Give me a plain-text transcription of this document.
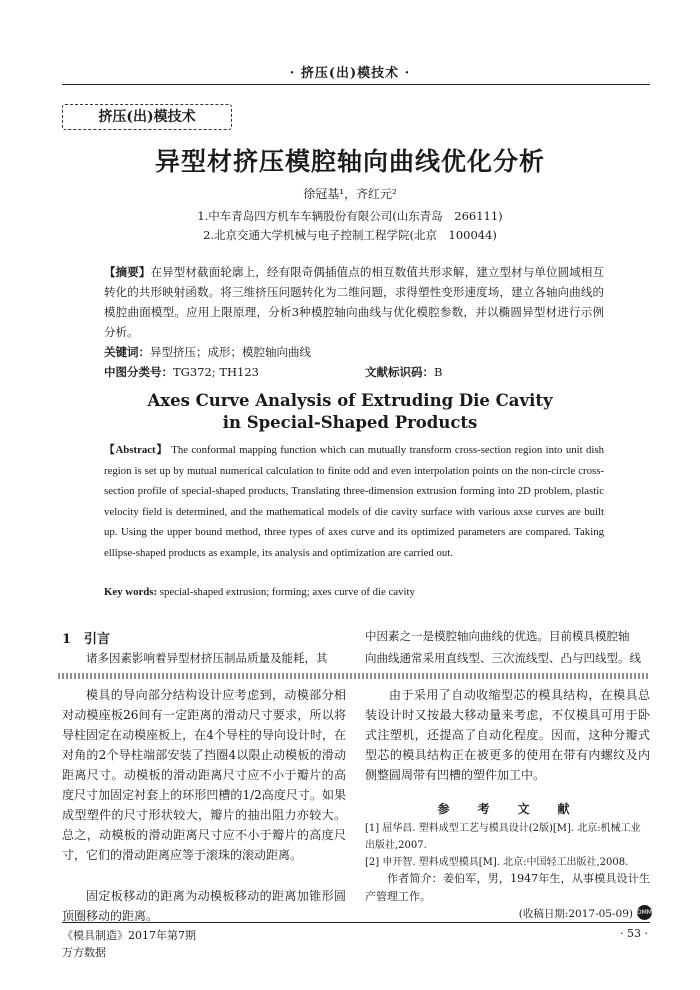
· 挤压(出)模技术 ·
挤压(出)模技术
异型材挤压模腔轴向曲线优化分析
徐冠基¹，齐红元²
1.中车青岛四方机车车辆股份有限公司(山东青岛　266111)
2.北京交通大学机械与电子控制工程学院(北京　100044)
【摘要】在异型材截面轮廓上，经有限奇偶插值点的相互数值共形求解，建立型材与单位圆域相互转化的共形映射函数。将三维挤压问题转化为二维问题，求得塑性变形速度场，建立各轴向曲线的模腔曲面模型。应用上限原理，分析3种模腔轴向曲线与优化模腔参数，并以椭圆异型材进行示例分析。
关键词：异型挤压；成形；模腔轴向曲线
中图分类号：TG372; TH123	文献标识码：B
Axes Curve Analysis of Extruding Die Cavity
in Special-Shaped Products
【Abstract】 The conformal mapping function which can mutually transform cross-section region into unit dish region is set up by mutual numerical calculation to finite odd and even interpolation points on the non-circle cross-section profile of special-shaped products, Translating three-dimension extrusion forming into 2D problem, plastic velocity field is determined, and the mathematical models of die cavity surface with various axse curves are built up. Using the upper bound method, three types of axes curve and its optimized parameters are compared. Taking ellipse-shaped products as example, its analysis and optimization are carried out.
Key words: special-shaped extrusion; forming; axes curve of die cavity
1　引言
诸多因素影响着异型材挤压制品质量及能耗，其
中因素之一是模腔轴向曲线的优选。目前模具模腔轴
向曲线通常采用直线型、三次流线型、凸与凹线型。线
模具的导向部分结构设计应考虑到，动模部分相对动模座板26间有一定距离的滑动尺寸要求，所以将导柱固定在动模座板上，在4个导柱的导向设计时，在对角的2个导柱端部安装了挡圈4以限止动模板的滑动距离尺寸。动模板的滑动距离尺寸应不小于瓣片的高度尺寸加固定衬套上的环形凹槽的1/2高度尺寸。如果成型塑件的尺寸形状较大，瓣片的抽出阻力亦较大。总之，动模板的滑动距离尺寸应不小于瓣片的高度尺寸，它们的滑动距离应等于滚珠的滚动距离。
固定板移动的距离为动模板移动的距离加锥形圆顶圈移动的距离。
由于采用了自动收缩型芯的模具结构，在模具总装设计时又按最大移动量来考虑，不仅模具可用于卧式注塑机，还提高了自动化程度。因而，这种分瓣式型芯的模具结构正在被更多的使用在带有内螺纹及内侧整圆周带有凹槽的塑件加工中。
参　考　文　献
[1] 屈华昌. 塑料成型工艺与模具设计(2版)[M]. 北京:机械工业出版社,2007.
[2] 申开智. 塑料成型模具[M]. 北京:中国轻工出版社,2008.
作者简介：姜伯军，男，1947年生，从事模具设计生产管理工作。
(收稿日期:2017-05-09) DMM
《模具制造》2017年第7期
万方数据
· 53 ·
